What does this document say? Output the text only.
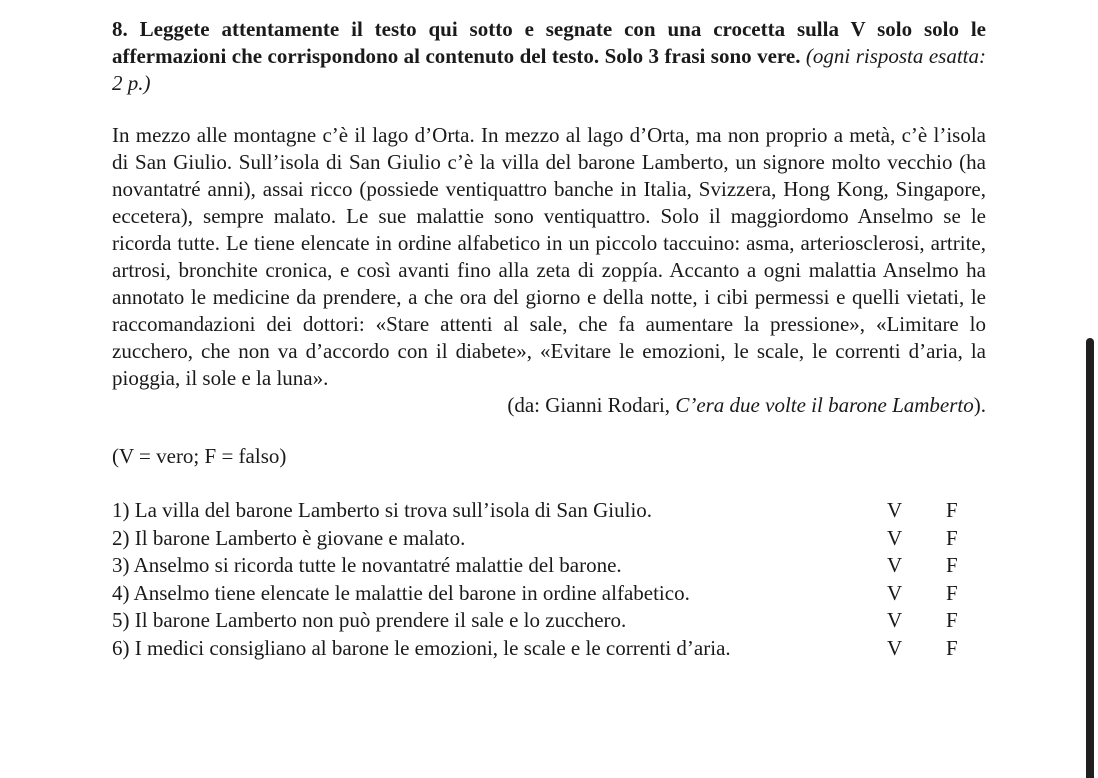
8. Leggete attentamente il testo qui sotto e segnate con una crocetta sulla V solo solo le affermazioni che corrispondono al contenuto del testo. Solo 3 frasi sono vere. (ogni risposta esatta: 2 p.)
In mezzo alle montagne c’è il lago d’Orta. In mezzo al lago d’Orta, ma non proprio a metà, c’è l’isola di San Giulio. Sull’isola di San Giulio c’è la villa del barone Lamberto, un signore molto vecchio (ha novantatré anni), assai ricco (possiede ventiquattro banche in Italia, Svizzera, Hong Kong, Singapore, eccetera), sempre malato. Le sue malattie sono ventiquattro. Solo il maggiordomo Anselmo se le ricorda tutte. Le tiene elencate in ordine alfabetico in un piccolo taccuino: asma, arteriosclerosi, artrite, artrosi, bronchite cronica, e così avanti fino alla zeta di zoppía. Accanto a ogni malattia Anselmo ha annotato le medicine da prendere, a che ora del giorno e della notte, i cibi permessi e quelli vietati, le raccomandazioni dei dottori: «Stare attenti al sale, che fa aumentare la pressione», «Limitare lo zucchero, che non va d’accordo con il diabete», «Evitare le emozioni, le scale, le correnti d’aria, la pioggia, il sole e la luna».
(da: Gianni Rodari, C’era due volte il barone Lamberto).
(V = vero; F = falso)
1) La villa del barone Lamberto si trova sull’isola di San Giulio.	V F
2) Il barone Lamberto è giovane e malato.	V F
3) Anselmo si ricorda tutte le novantatré malattie del barone.	V F
4) Anselmo tiene elencate le malattie del barone in ordine alfabetico.	V F
5) Il barone Lamberto non può prendere il sale e lo zucchero.	V F
6) I medici consigliano al barone le emozioni, le scale e le correnti d’aria.	V F
